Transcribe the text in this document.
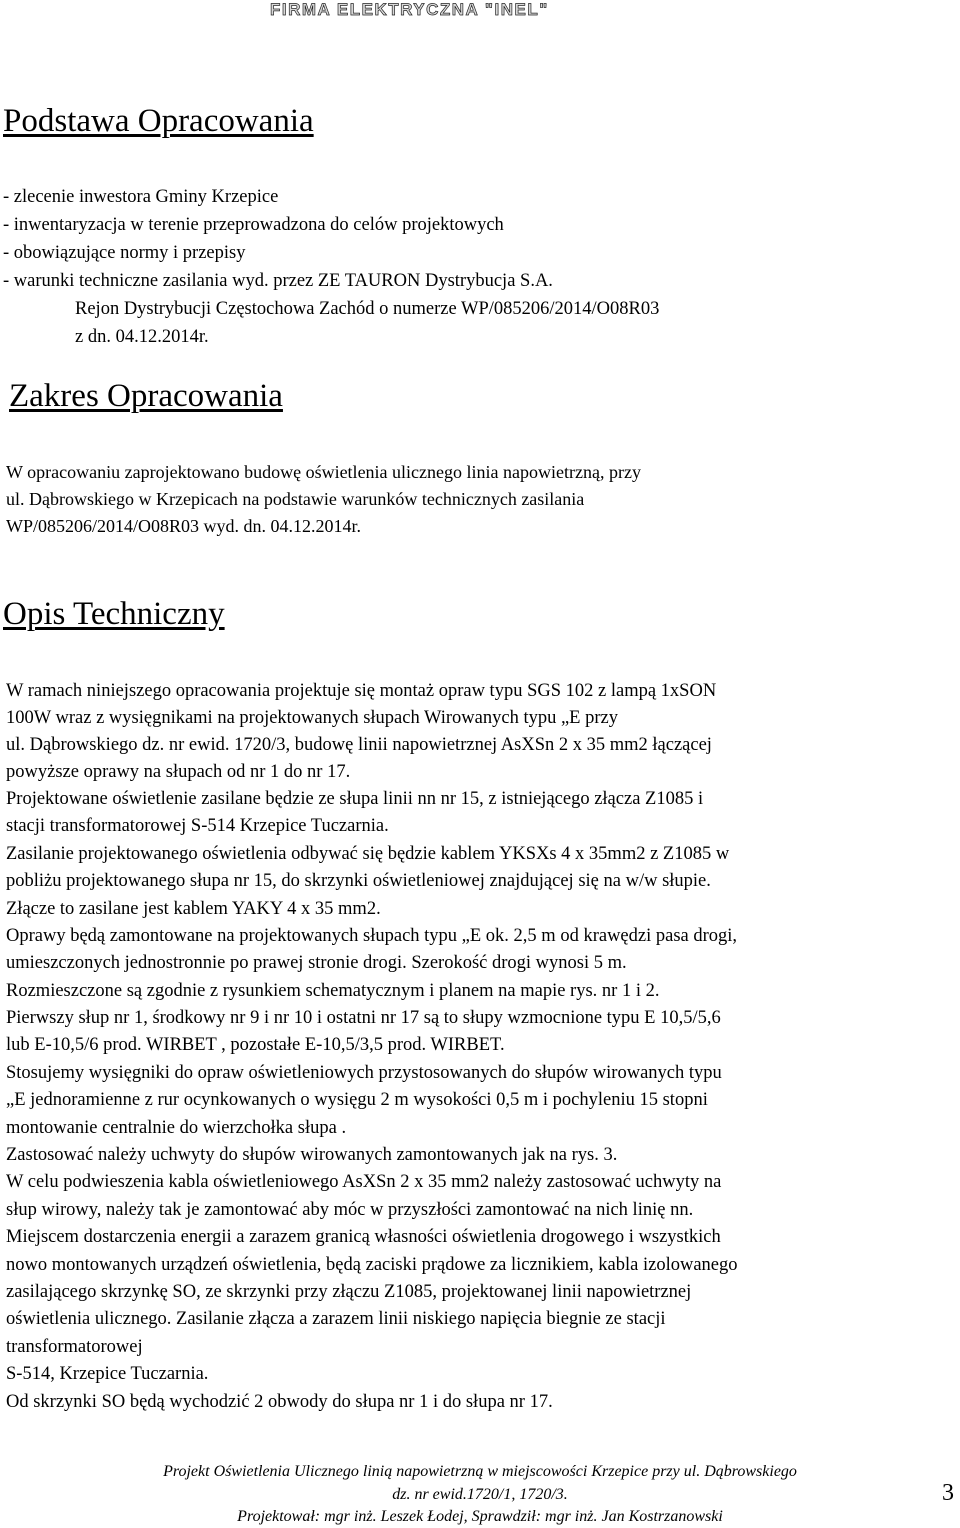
FIRMA ELEKTRYCZNA "INEL"
Podstawa Opracowania

- zlecenie inwestora Gminy Krzepice

- inwentaryzacja w terenie przeprowadzona do celów projektowych

- obowiązujące normy i przepisy

- warunki techniczne zasilania wyd. przez ZE TAURON Dystrybucja S.A.

Rejon Dystrybucji Częstochowa Zachód o numerze WP/085206/2014/O08R03

z dn. 04.12.2014r.

Zakres Opracowania

W opracowaniu zaprojektowano budowę oświetlenia ulicznego linia napowietrzną, przy

ul. Dąbrowskiego w Krzepicach na podstawie warunków technicznych zasilania

WP/085206/2014/O08R03 wyd. dn. 04.12.2014r.

Opis Techniczny

W ramach niniejszego opracowania projektuje się montaż opraw typu SGS 102 z lampą 1xSON

100W wraz z wysięgnikami na projektowanych słupach Wirowanych typu „E przy

ul. Dąbrowskiego dz. nr ewid. 1720/3, budowę linii napowietrznej AsXSn 2 x 35 mm2 łączącej

powyższe oprawy na słupach od nr 1 do nr 17.

Projektowane oświetlenie zasilane będzie ze słupa linii nn nr 15, z istniejącego złącza Z1085 i

stacji transformatorowej S-514 Krzepice Tuczarnia.

Zasilanie projektowanego oświetlenia odbywać się będzie kablem YKSXs 4 x 35mm2 z Z1085 w

pobliżu projektowanego słupa nr 15, do skrzynki oświetleniowej znajdującej się na w/w słupie.

Złącze to zasilane jest kablem YAKY 4 x 35 mm2.

Oprawy będą zamontowane na projektowanych słupach typu „E ok. 2,5 m od krawędzi pasa drogi,

umieszczonych jednostronnie po prawej stronie drogi. Szerokość drogi wynosi 5 m.

Rozmieszczone są zgodnie z rysunkiem schematycznym i planem na mapie rys. nr 1 i 2.

Pierwszy słup nr 1, środkowy nr 9 i nr 10 i ostatni nr 17 są to słupy wzmocnione typu E 10,5/5,6

lub E-10,5/6 prod. WIRBET , pozostałe E-10,5/3,5 prod. WIRBET.

Stosujemy wysięgniki do opraw oświetleniowych przystosowanych do słupów wirowanych typu

„E jednoramienne z rur ocynkowanych o wysięgu 2 m wysokości 0,5 m i pochyleniu 15 stopni

montowanie centralnie do wierzchołka słupa .

Zastosować należy uchwyty do słupów wirowanych zamontowanych jak na rys. 3.

W celu podwieszenia kabla oświetleniowego AsXSn 2 x 35 mm2 należy zastosować uchwyty na

słup wirowy, należy tak je zamontować aby móc w przyszłości zamontować na nich linię nn.

Miejscem dostarczenia energii a zarazem granicą własności oświetlenia drogowego i wszystkich

nowo montowanych urządzeń oświetlenia, będą zaciski prądowe za licznikiem, kabla izolowanego

zasilającego skrzynkę SO, ze skrzynki przy złączu Z1085, projektowanej linii napowietrznej

oświetlenia ulicznego. Zasilanie złącza a zarazem linii niskiego napięcia biegnie ze stacji

transformatorowej

S-514, Krzepice Tuczarnia.

Od skrzynki SO będą wychodzić 2 obwody do słupa nr 1 i do słupa nr 17.

Projekt Oświetlenia Ulicznego linią napowietrzną w miejscowości Krzepice przy ul. Dąbrowskiego

dz. nr ewid.1720/1, 1720/3.

Projektował: mgr inż. Leszek Łodej, Sprawdził: mgr inż. Jan Kostrzanowski

3
